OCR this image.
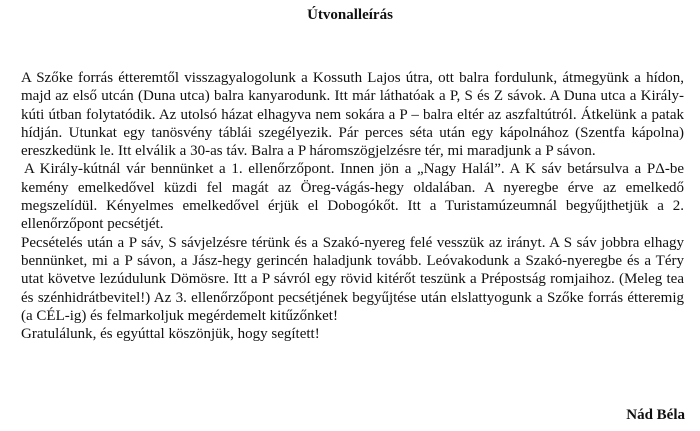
Útvonalleírás

A Szőke forrás étteremtől visszagyalogolunk a Kossuth Lajos útra, ott balra fordulunk, átmegyünk a hídon, majd az első utcán (Duna utca) balra kanyarodunk. Itt már láthatóak a P, S és Z sávok. A Duna utca a Király-kúti útban folytatódik. Az utolsó házat elhagyva nem sokára a P – balra eltér az aszfaltútról. Átkelünk a patak hídján. Utunkat egy tanösvény táblái szegélyezik. Pár perces séta után egy kápolnához (Szentfa kápolna) ereszkedünk le. Itt elválik a 30-as táv. Balra a P háromszögjelzésre tér, mi maradjunk a P sávon.

A Király-kútnál vár bennünket a 1. ellenőrzőpont. Innen jön a „Nagy Halál”. A K sáv betársulva a PΔ-be kemény emelkedővel küzdi fel magát az Öreg-vágás-hegy oldalában. A nyeregbe érve az emelkedő megszelídül. Kényelmes emelkedővel érjük el Dobogókőt. Itt a Turistamúzeumnál begyűjthetjük a 2. ellenőrzőpont pecsétjét.

Pecsételés után a P sáv, S sávjelzésre térünk és a Szakó-nyereg felé vesszük az irányt. A S sáv jobbra elhagy bennünket, mi a P sávon, a Jász-hegy gerincén haladjunk tovább. Leóvakodunk a Szakó-nyeregbe és a Téry utat követve lezúdulunk Dömösre. Itt a P sávról egy rövid kitérőt teszünk a Prépostság romjaihoz. (Meleg tea és szénhidrátbevitel!) Az 3. ellenőrzőpont pecsétjének begyűjtése után elslattyogunk a Szőke forrás étteremig (a CÉL-ig) és felmarkoljuk megérdemelt kitűzőnket!

Gratulálunk, és egyúttal köszönjük, hogy segített!

Nád Béla
